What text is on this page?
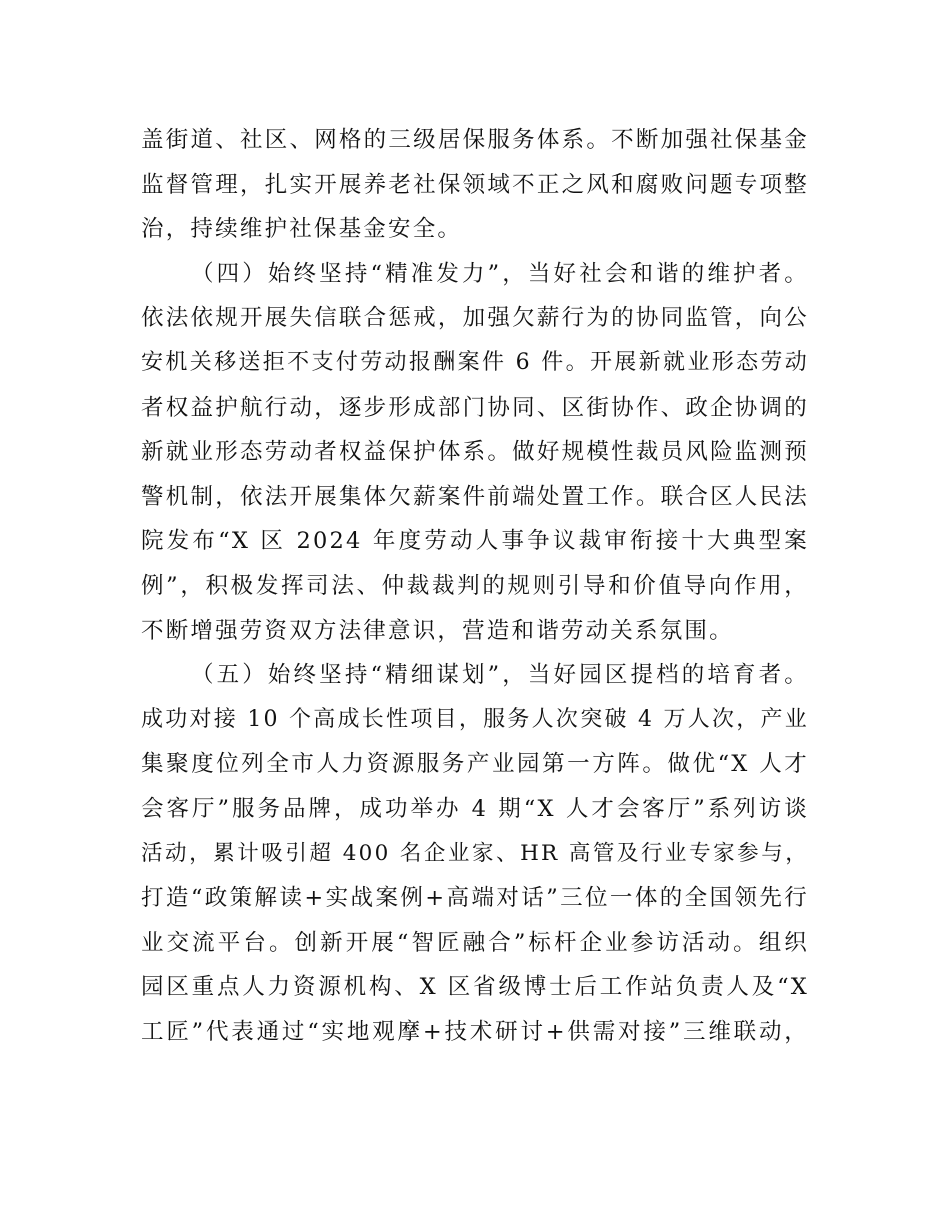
盖街道、社区、网格的三级居保服务体系。不断加强社保基金
监督管理，扎实开展养老社保领域不正之风和腐败问题专项整
治，持续维护社保基金安全。

（四）始终坚持“精准发力”，当好社会和谐的维护者。
依法依规开展失信联合惩戒，加强欠薪行为的协同监管，向公
安机关移送拒不支付劳动报酬案件 6 件。开展新就业形态劳动
者权益护航行动，逐步形成部门协同、区街协作、政企协调的
新就业形态劳动者权益保护体系。做好规模性裁员风险监测预
警机制，依法开展集体欠薪案件前端处置工作。联合区人民法
院发布“X 区 2024 年度劳动人事争议裁审衔接十大典型案
例”，积极发挥司法、仲裁裁判的规则引导和价值导向作用，
不断增强劳资双方法律意识，营造和谐劳动关系氛围。

（五）始终坚持“精细谋划”，当好园区提档的培育者。
成功对接 10 个高成长性项目，服务人次突破 4 万人次，产业
集聚度位列全市人力资源服务产业园第一方阵。做优“X 人才
会客厅”服务品牌，成功举办 4 期“X 人才会客厅”系列访谈
活动，累计吸引超 400 名企业家、HR 高管及行业专家参与，
打造“政策解读+实战案例+高端对话”三位一体的全国领先行
业交流平台。创新开展“智匠融合”标杆企业参访活动。组织
园区重点人力资源机构、X 区省级博士后工作站负责人及“X
工匠”代表通过“实地观摩+技术研讨+供需对接”三维联动，
